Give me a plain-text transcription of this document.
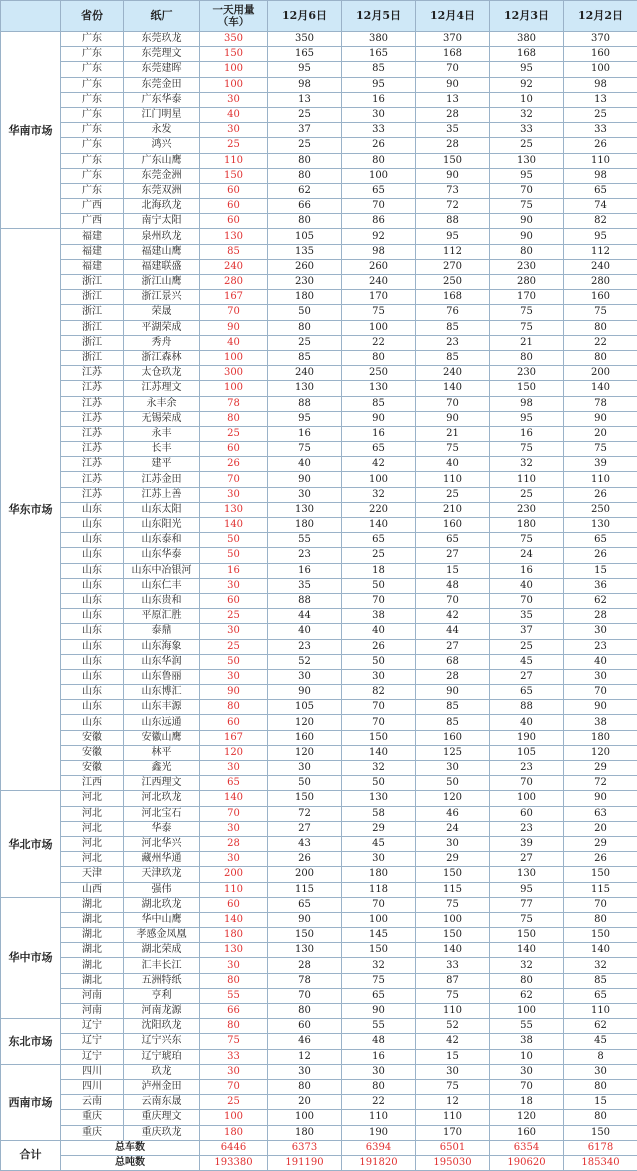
	省份	纸厂	一天用量（车）	12月6日	12月5日	12月4日	12月3日	12月2日
华南市场	广东	东莞玖龙	350	350	380	370	380	370
	广东	东莞理文	150	165	165	168	168	160
	广东	东莞建晖	100	95	85	70	95	100
	广东	东莞金田	100	98	95	90	92	98
	广东	广东华泰	30	13	16	13	10	13
	广东	江门明星	40	25	30	28	32	25
	广东	永发	30	37	33	35	33	33
	广东	鸿兴	25	25	26	28	25	26
	广东	广东山鹰	110	80	80	150	130	110
	广东	东莞金洲	150	80	100	90	95	98
	广东	东莞双洲	60	62	65	73	70	65
	广西	北海玖龙	60	66	70	72	75	74
	广西	南宁太阳	60	80	86	88	90	82
华东市场	福建	泉州玖龙	130	105	92	95	90	95
	福建	福建山鹰	85	135	98	112	80	112
	福建	福建联盛	240	260	260	270	230	240
	浙江	浙江山鹰	280	230	240	250	280	280
	浙江	浙江景兴	167	180	170	168	170	160
	浙江	荣晟	70	50	75	76	75	75
	浙江	平湖荣成	90	80	100	85	75	80
	浙江	秀舟	40	25	22	23	21	22
	浙江	浙江森林	100	85	80	85	80	80
	江苏	太仓玖龙	300	240	250	240	230	200
	江苏	江苏理文	100	130	130	140	150	140
	江苏	永丰余	78	88	85	70	98	78
	江苏	无锡荣成	80	95	90	90	95	90
	江苏	永丰	25	16	16	21	16	20
	江苏	长丰	60	75	65	75	75	75
	江苏	建平	26	40	42	40	32	39
	江苏	江苏金田	70	90	100	110	110	110
	江苏	江苏上善	30	30	32	25	25	26
	山东	山东太阳	130	130	220	210	230	250
	山东	山东阳光	140	180	140	160	180	130
	山东	山东泰和	50	55	65	65	75	65
	山东	山东华泰	50	23	25	27	24	26
	山东	山东中冶银河	16	16	18	15	16	15
	山东	山东仁丰	30	35	50	48	40	36
	山东	山东贵和	60	88	70	70	70	62
	山东	平原汇胜	25	44	38	42	35	28
	山东	泰鼎	30	40	40	44	37	30
	山东	山东海象	25	23	26	27	25	23
	山东	山东华润	50	52	50	68	45	40
	山东	山东鲁丽	30	30	30	28	27	30
	山东	山东博汇	90	90	82	90	65	70
	山东	山东丰源	80	105	70	85	88	90
	山东	山东远通	60	120	70	85	40	38
	安徽	安徽山鹰	167	160	150	160	190	180
	安徽	林平	120	120	140	125	105	120
	安徽	鑫光	30	30	32	30	23	29
	江西	江西理文	65	50	50	50	70	72
华北市场	河北	河北玖龙	140	150	130	120	100	90
	河北	河北宝石	70	72	58	46	60	63
	河北	华泰	30	27	29	24	23	20
	河北	河北华兴	28	43	45	30	39	29
	河北	藏州华通	30	26	30	29	27	26
	天津	天津玖龙	200	200	180	150	130	150
	山西	强伟	110	115	118	115	95	115
华中市场	湖北	湖北玖龙	60	65	70	75	77	70
	湖北	华中山鹰	140	90	100	100	75	80
	湖北	孝感金凤凰	180	150	145	150	150	150
	湖北	湖北荣成	130	130	150	140	140	140
	湖北	汇丰长江	30	28	32	33	32	32
	湖北	五洲特纸	80	78	75	87	80	85
	河南	亨利	55	70	65	75	62	65
	河南	河南龙源	66	80	90	110	100	110
东北市场	辽宁	沈阳玖龙	80	60	55	52	55	62
	辽宁	辽宁兴东	75	46	48	42	38	45
	辽宁	辽宁琥珀	33	12	16	15	10	8
西南市场	四川	玖龙	30	30	30	30	30	30
	四川	泸州金田	70	80	80	75	70	80
	云南	云南东晟	25	20	22	12	18	15
	重庆	重庆理文	100	100	110	110	120	80
	重庆	重庆玖龙	180	180	190	170	160	150
合计	总车数		6446	6373	6394	6501	6354	6178
	总吨数		193380	191190	191820	195030	190620	185340
